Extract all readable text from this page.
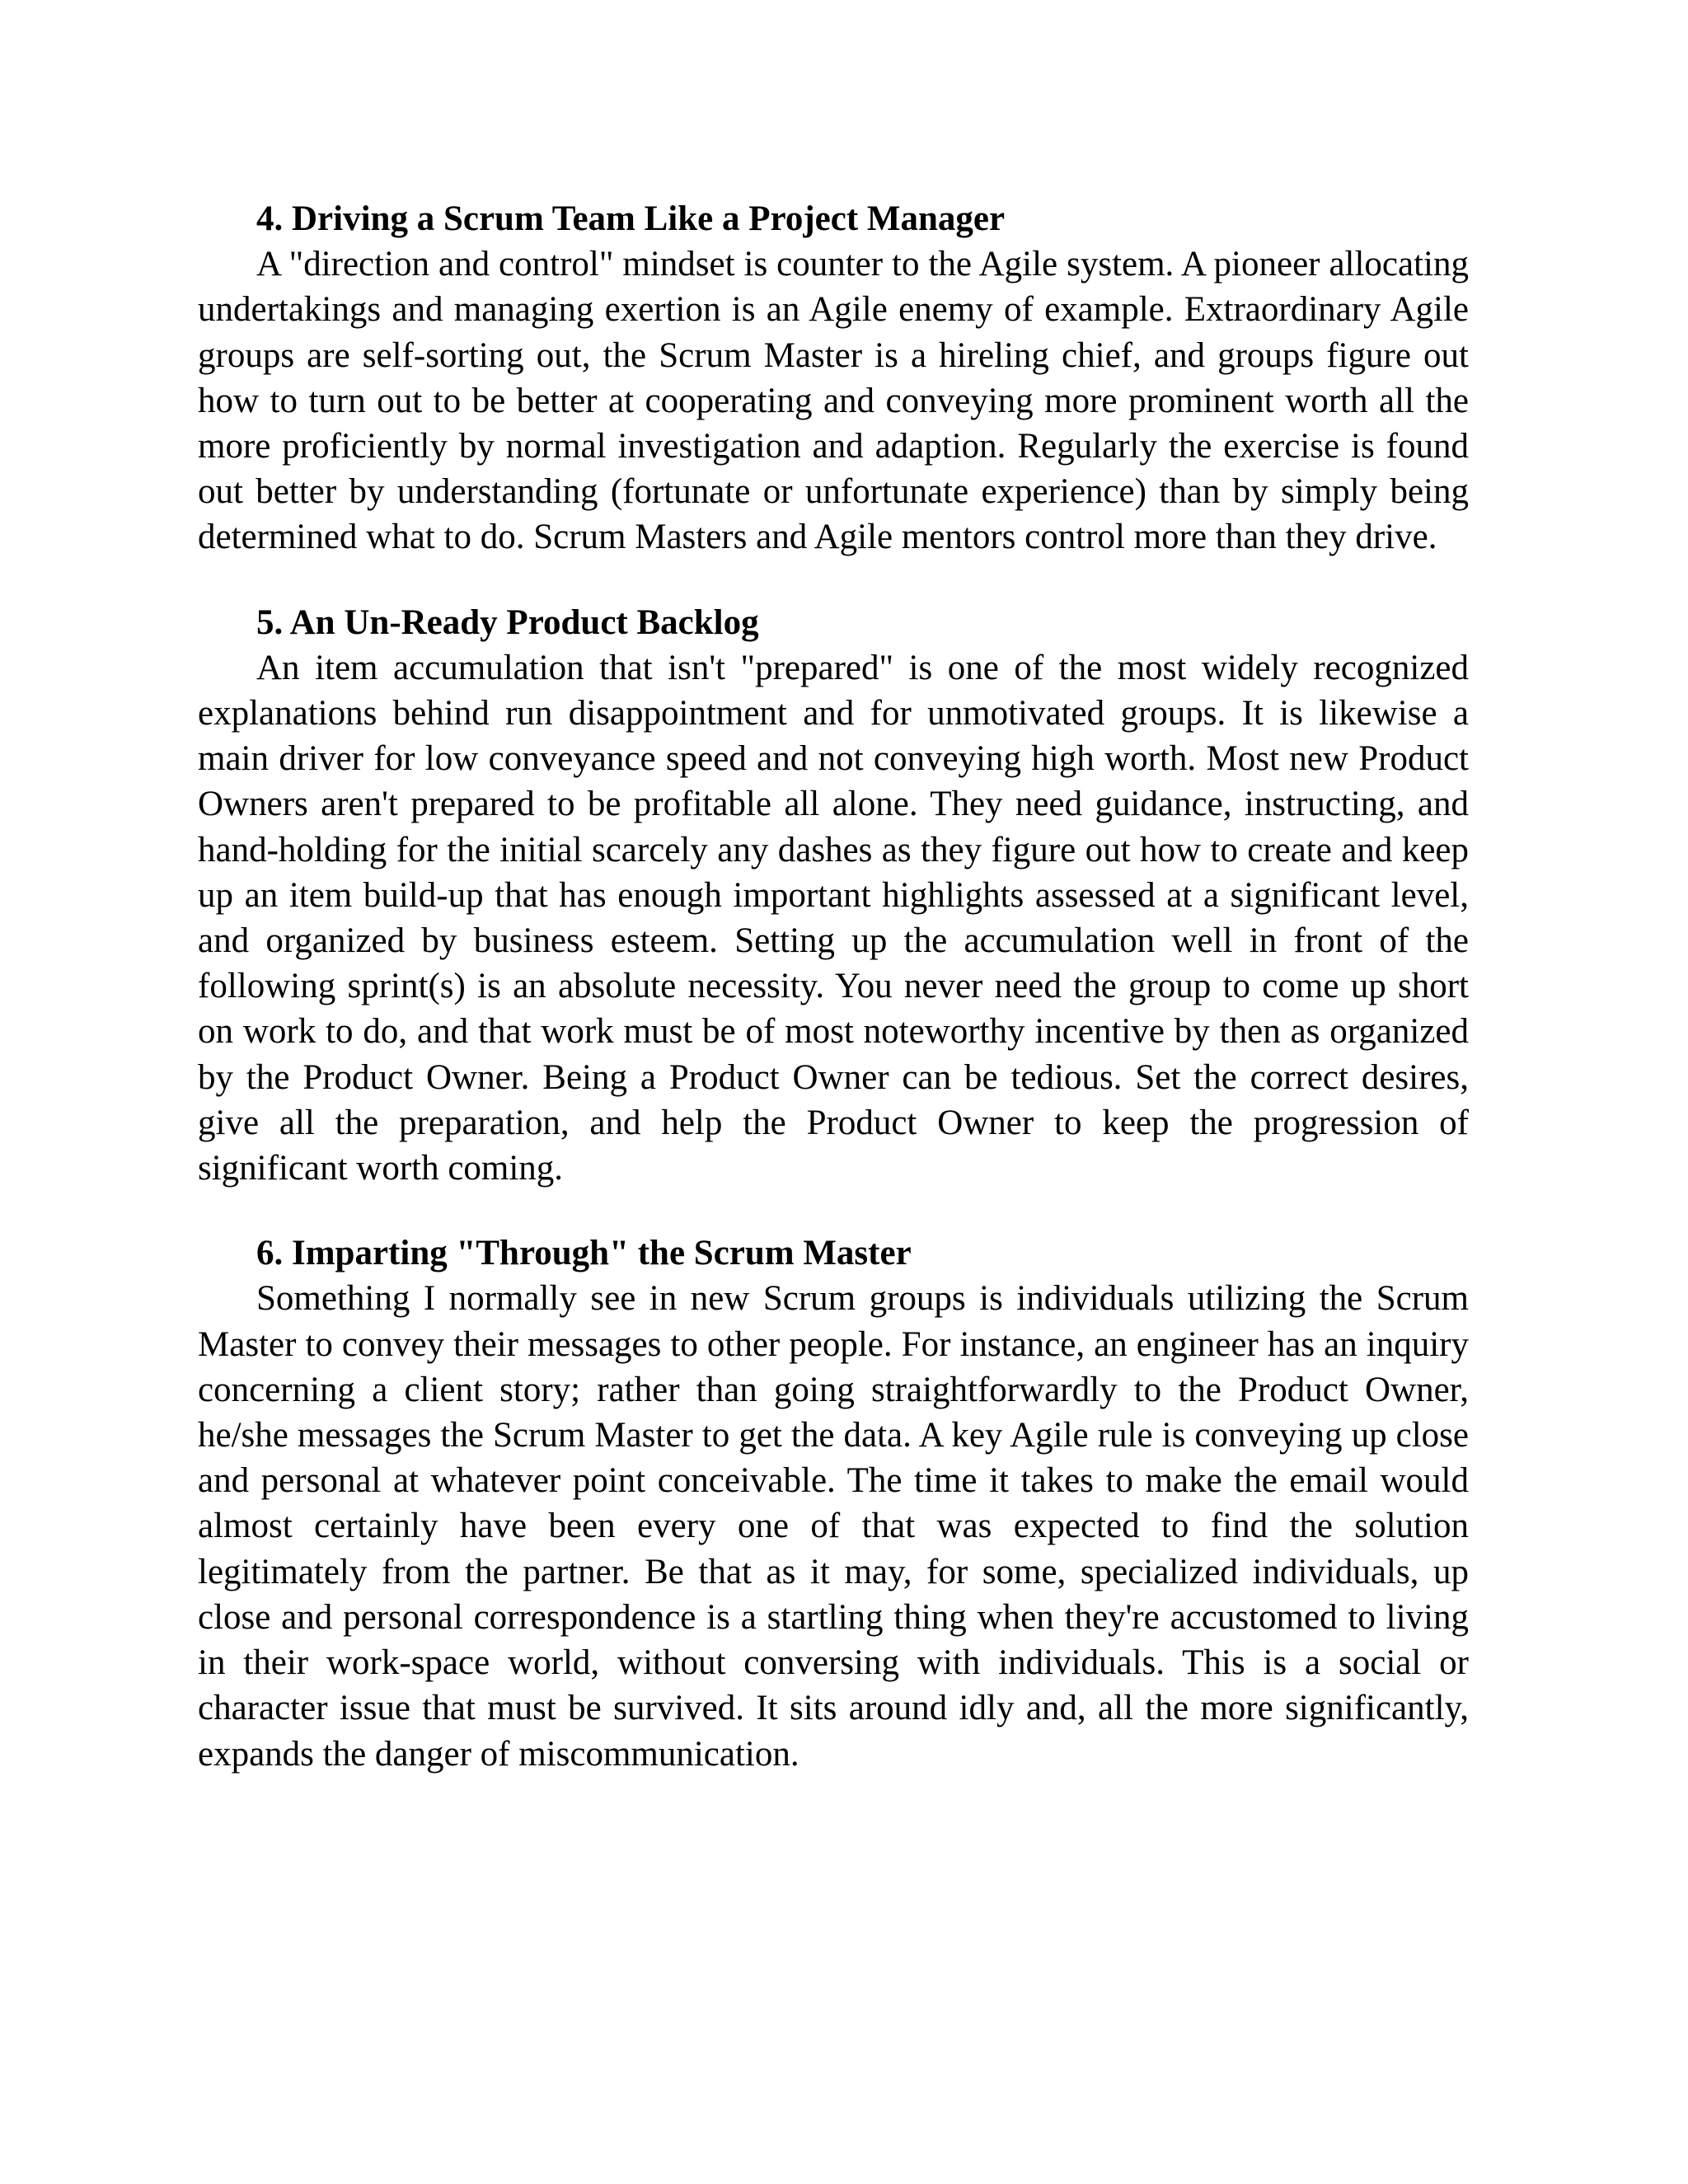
4. Driving a Scrum Team Like a Project Manager

A "direction and control" mindset is counter to the Agile system. A pioneer allocating undertakings and managing exertion is an Agile enemy of example. Extraordinary Agile groups are self-sorting out, the Scrum Master is a hireling chief, and groups figure out how to turn out to be better at cooperating and conveying more prominent worth all the more proficiently by normal investigation and adaption. Regularly the exercise is found out better by understanding (fortunate or unfortunate experience) than by simply being determined what to do. Scrum Masters and Agile mentors control more than they drive.

5. An Un-Ready Product Backlog

An item accumulation that isn't "prepared" is one of the most widely recognized explanations behind run disappointment and for unmotivated groups. It is likewise a main driver for low conveyance speed and not conveying high worth. Most new Product Owners aren't prepared to be profitable all alone. They need guidance, instructing, and hand-holding for the initial scarcely any dashes as they figure out how to create and keep up an item build-up that has enough important highlights assessed at a significant level, and organized by business esteem. Setting up the accumulation well in front of the following sprint(s) is an absolute necessity. You never need the group to come up short on work to do, and that work must be of most noteworthy incentive by then as organized by the Product Owner. Being a Product Owner can be tedious. Set the correct desires, give all the preparation, and help the Product Owner to keep the progression of significant worth coming.

6. Imparting "Through" the Scrum Master

Something I normally see in new Scrum groups is individuals utilizing the Scrum Master to convey their messages to other people. For instance, an engineer has an inquiry concerning a client story; rather than going straightforwardly to the Product Owner, he/she messages the Scrum Master to get the data. A key Agile rule is conveying up close and personal at whatever point conceivable. The time it takes to make the email would almost certainly have been every one of that was expected to find the solution legitimately from the partner. Be that as it may, for some, specialized individuals, up close and personal correspondence is a startling thing when they're accustomed to living in their work-space world, without conversing with individuals. This is a social or character issue that must be survived. It sits around idly and, all the more significantly, expands the danger of miscommunication.
